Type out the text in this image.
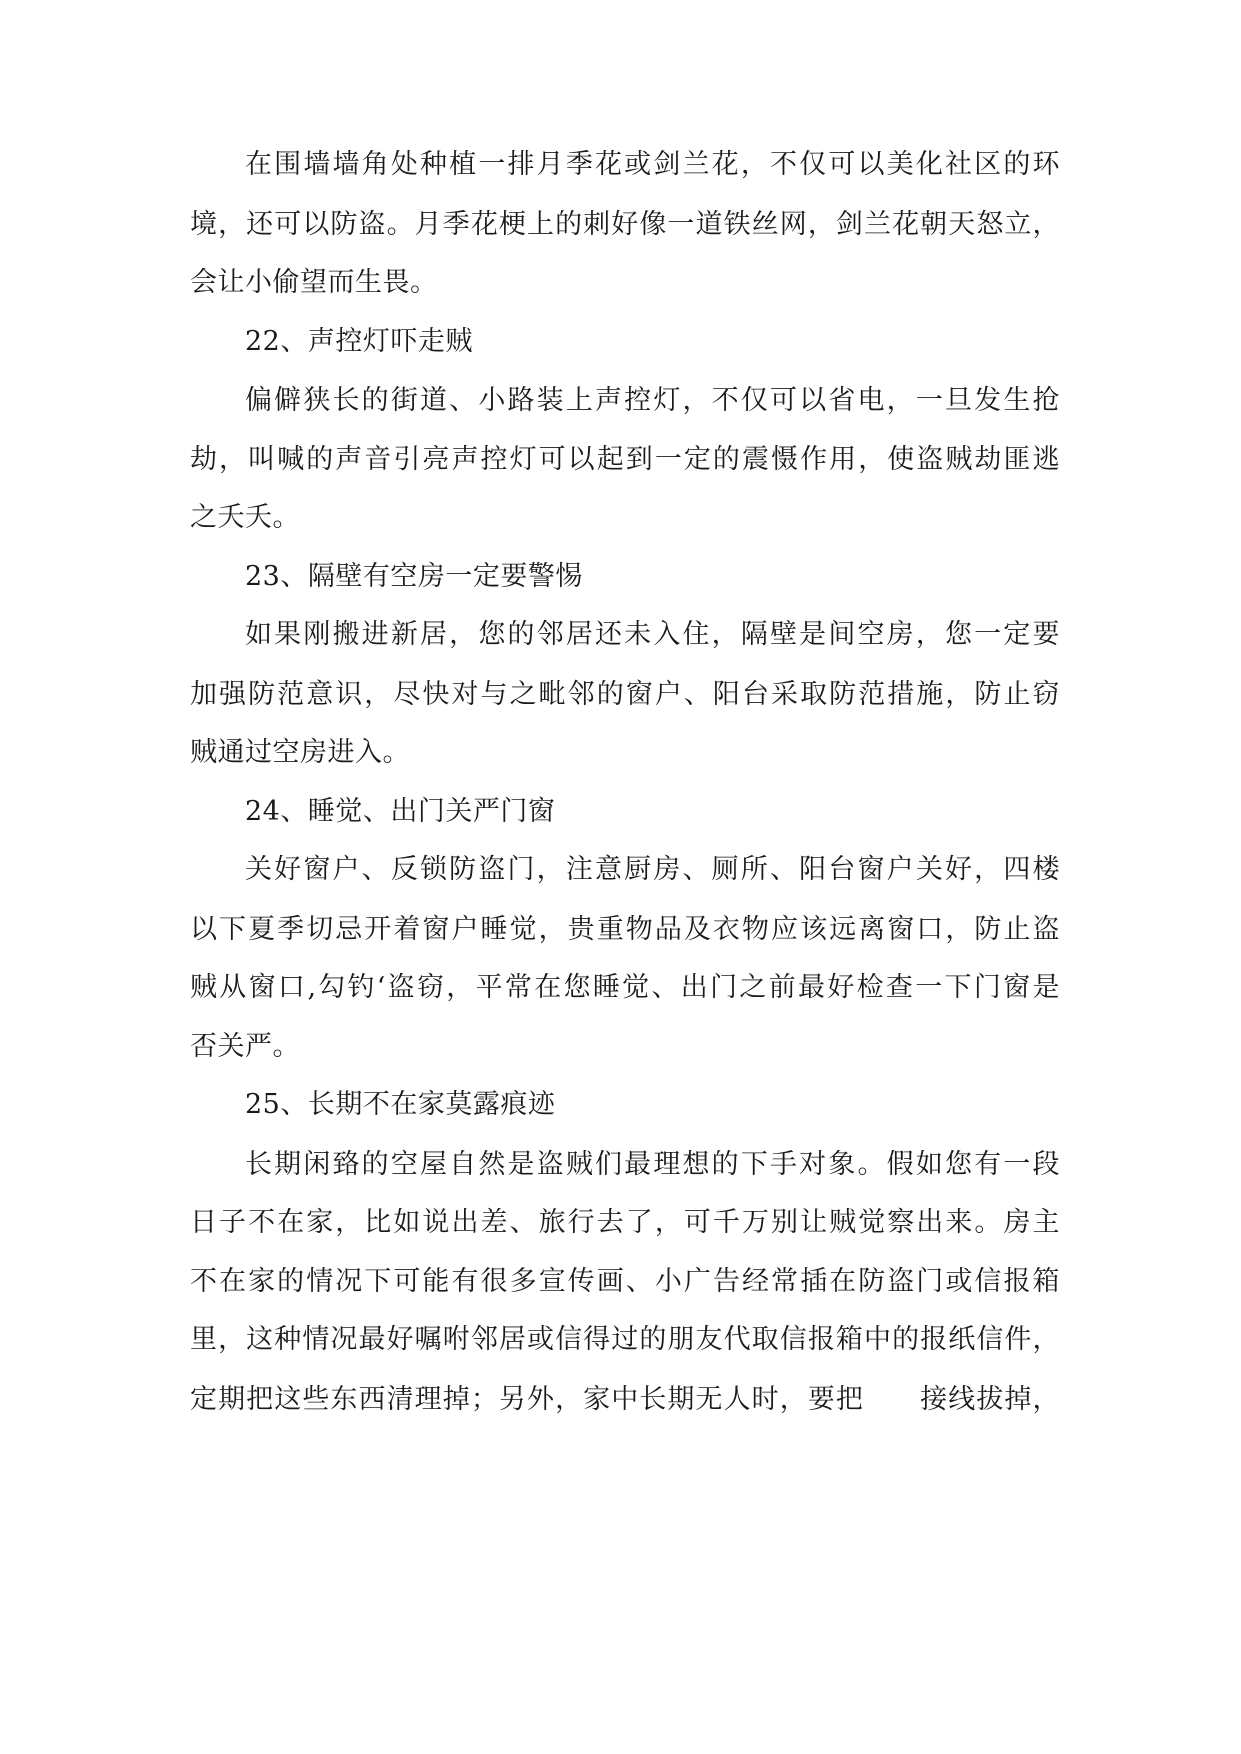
在围墙墙角处种植一排月季花或剑兰花，不仅可以美化社区的环
境，还可以防盗。月季花梗上的刺好像一道铁丝网，剑兰花朝天怒立，
会让小偷望而生畏。
22、声控灯吓走贼
偏僻狭长的街道、小路装上声控灯，不仅可以省电，一旦发生抢
劫，叫喊的声音引亮声控灯可以起到一定的震慑作用，使盗贼劫匪逃
之夭夭。
23、隔壁有空房一定要警惕
如果刚搬进新居，您的邻居还未入住，隔壁是间空房，您一定要
加强防范意识，尽快对与之毗邻的窗户、阳台采取防范措施，防止窃
贼通过空房进入。
24、睡觉、出门关严门窗
关好窗户、反锁防盗门，注意厨房、厕所、阳台窗户关好，四楼
以下夏季切忌开着窗户睡觉，贵重物品及衣物应该远离窗口，防止盗
贼从窗口‚勾钓‘盗窃，平常在您睡觉、出门之前最好检查一下门窗是
否关严。
25、长期不在家莫露痕迹
长期闲臵的空屋自然是盗贼们最理想的下手对象。假如您有一段
日子不在家，比如说出差、旅行去了，可千万别让贼觉察出来。房主
不在家的情况下可能有很多宣传画、小广告经常插在防盗门或信报箱
里，这种情况最好嘱咐邻居或信得过的朋友代取信报箱中的报纸信件，
定期把这些东西清理掉；另外，家中长期无人时，要把　　接线拔掉，
